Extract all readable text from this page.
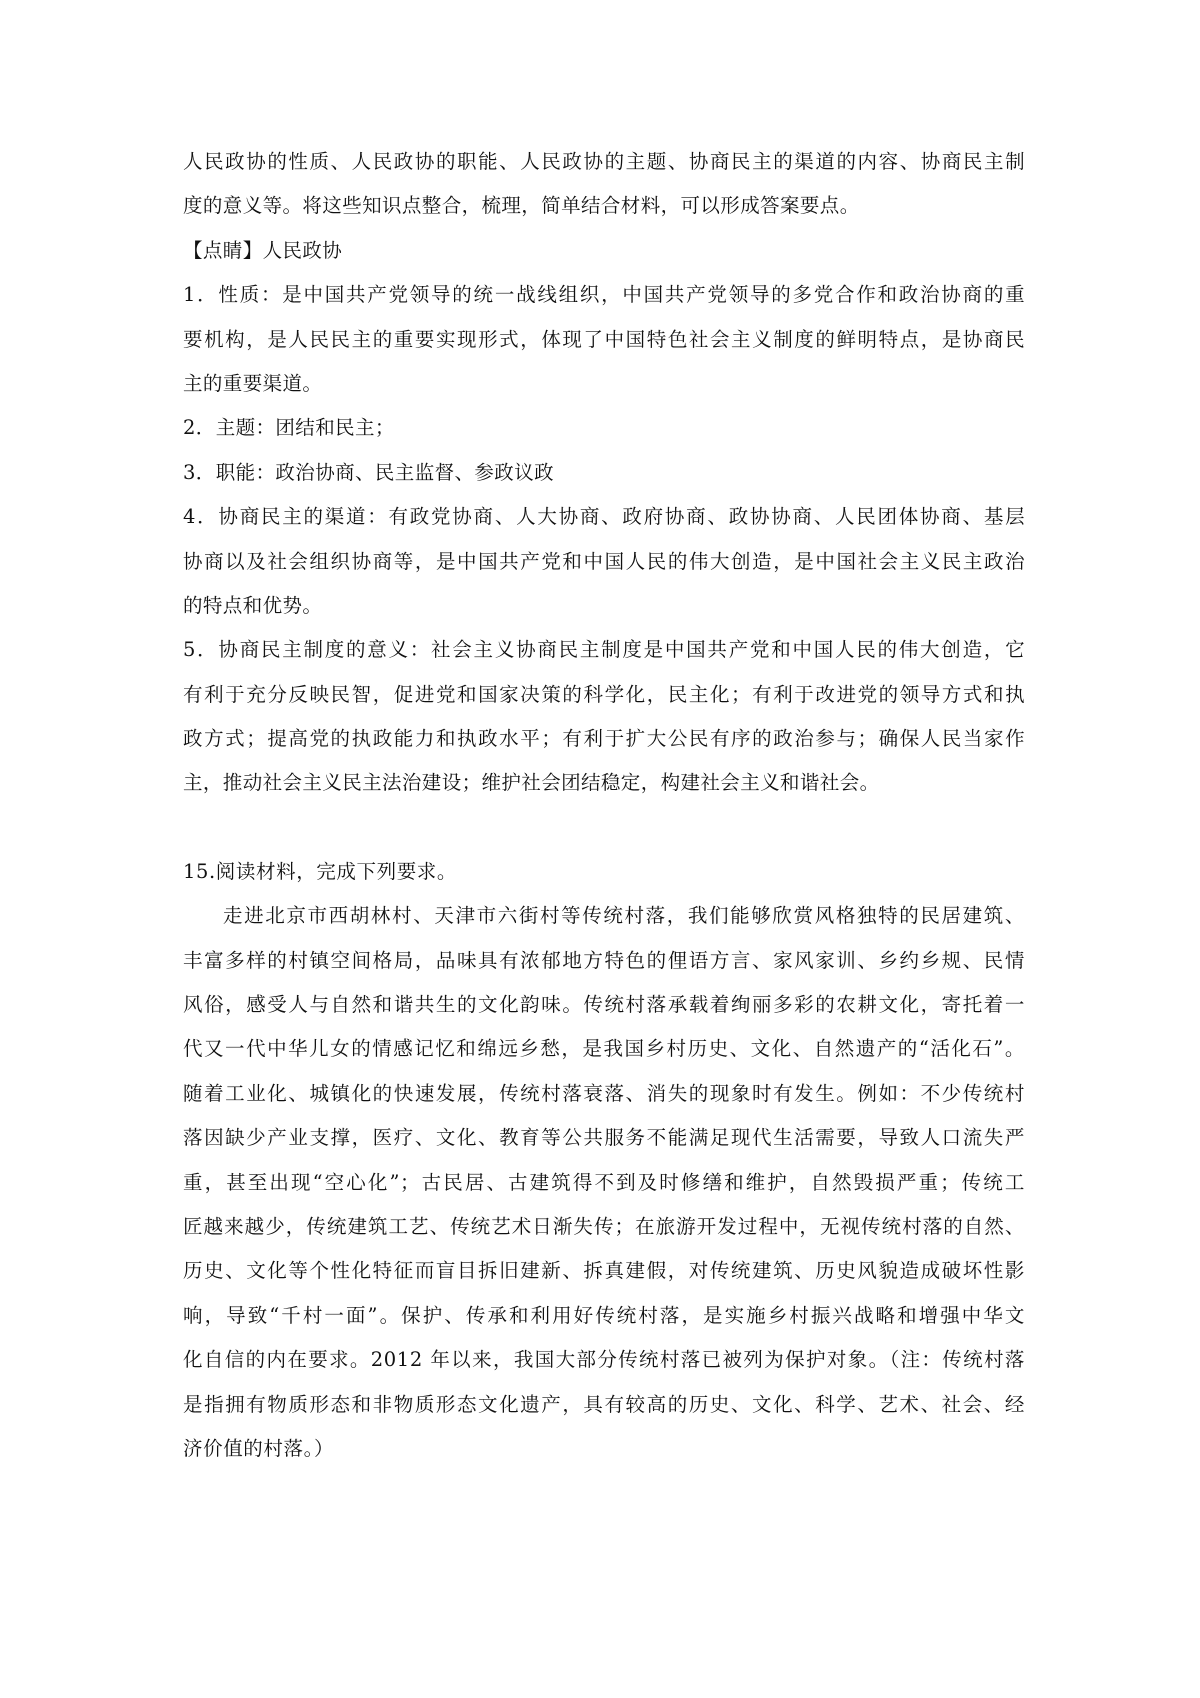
人民政协的性质、人民政协的职能、人民政协的主题、协商民主的渠道的内容、协商民主制
度的意义等。将这些知识点整合，梳理，简单结合材料，可以形成答案要点。
【点睛】人民政协
1．性质：是中国共产党领导的统一战线组织，中国共产党领导的多党合作和政治协商的重
要机构，是人民民主的重要实现形式，体现了中国特色社会主义制度的鲜明特点，是协商民
主的重要渠道。
2．主题：团结和民主；
3．职能：政治协商、民主监督、参政议政
4．协商民主的渠道：有政党协商、人大协商、政府协商、政协协商、人民团体协商、基层
协商以及社会组织协商等，是中国共产党和中国人民的伟大创造，是中国社会主义民主政治
的特点和优势。
5．协商民主制度的意义：社会主义协商民主制度是中国共产党和中国人民的伟大创造，它
有利于充分反映民智，促进党和国家决策的科学化，民主化；有利于改进党的领导方式和执
政方式；提高党的执政能力和执政水平；有利于扩大公民有序的政治参与；确保人民当家作
主，推动社会主义民主法治建设；维护社会团结稳定，构建社会主义和谐社会。
15.阅读材料，完成下列要求。
走进北京市西胡林村、天津市六街村等传统村落，我们能够欣赏风格独特的民居建筑、
丰富多样的村镇空间格局，品味具有浓郁地方特色的俚语方言、家风家训、乡约乡规、民情
风俗，感受人与自然和谐共生的文化韵味。传统村落承载着绚丽多彩的农耕文化，寄托着一
代又一代中华儿女的情感记忆和绵远乡愁，是我国乡村历史、文化、自然遗产的“活化石”。
随着工业化、城镇化的快速发展，传统村落衰落、消失的现象时有发生。例如：不少传统村
落因缺少产业支撑，医疗、文化、教育等公共服务不能满足现代生活需要，导致人口流失严
重，甚至出现“空心化”；古民居、古建筑得不到及时修缮和维护，自然毁损严重；传统工
匠越来越少，传统建筑工艺、传统艺术日渐失传；在旅游开发过程中，无视传统村落的自然、
历史、文化等个性化特征而盲目拆旧建新、拆真建假，对传统建筑、历史风貌造成破坏性影
响，导致“千村一面”。保护、传承和利用好传统村落，是实施乡村振兴战略和增强中华文
化自信的内在要求。2012 年以来，我国大部分传统村落已被列为保护对象。（注：传统村落
是指拥有物质形态和非物质形态文化遗产，具有较高的历史、文化、科学、艺术、社会、经
济价值的村落。）
